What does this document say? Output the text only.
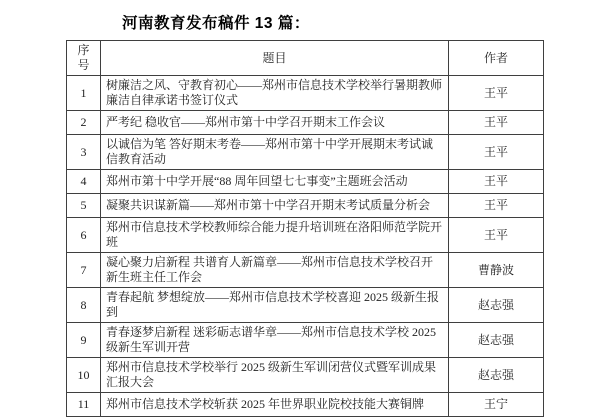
河南教育发布稿件 13 篇：
序号	题目	作者
1	树廉洁之风、守教育初心——郑州市信息技术学校举行暑期教师廉洁自律承诺书签订仪式	王平
2	严考纪 稳收官——郑州市第十中学召开期末工作会议	王平
3	以诚信为笔 答好期末考卷——郑州市第十中学开展期末考试诚信教育活动	王平
4	郑州市第十中学开展“88 周年回望七七事变”主题班会活动	王平
5	凝聚共识谋新篇——郑州市第十中学召开期末考试质量分析会	王平
6	郑州市信息技术学校教师综合能力提升培训班在洛阳师范学院开班	王平
7	凝心聚力启新程 共谱育人新篇章——郑州市信息技术学校召开新生班主任工作会	曹静波
8	青春起航 梦想绽放——郑州市信息技术学校喜迎 2025 级新生报到	赵志强
9	青春逐梦启新程 迷彩砺志谱华章——郑州市信息技术学校 2025 级新生军训开营	赵志强
10	郑州市信息技术学校举行 2025 级新生军训闭营仪式暨军训成果汇报大会	赵志强
11	郑州市信息技术学校斩获 2025 年世界职业院校技能大赛铜牌	王宁
